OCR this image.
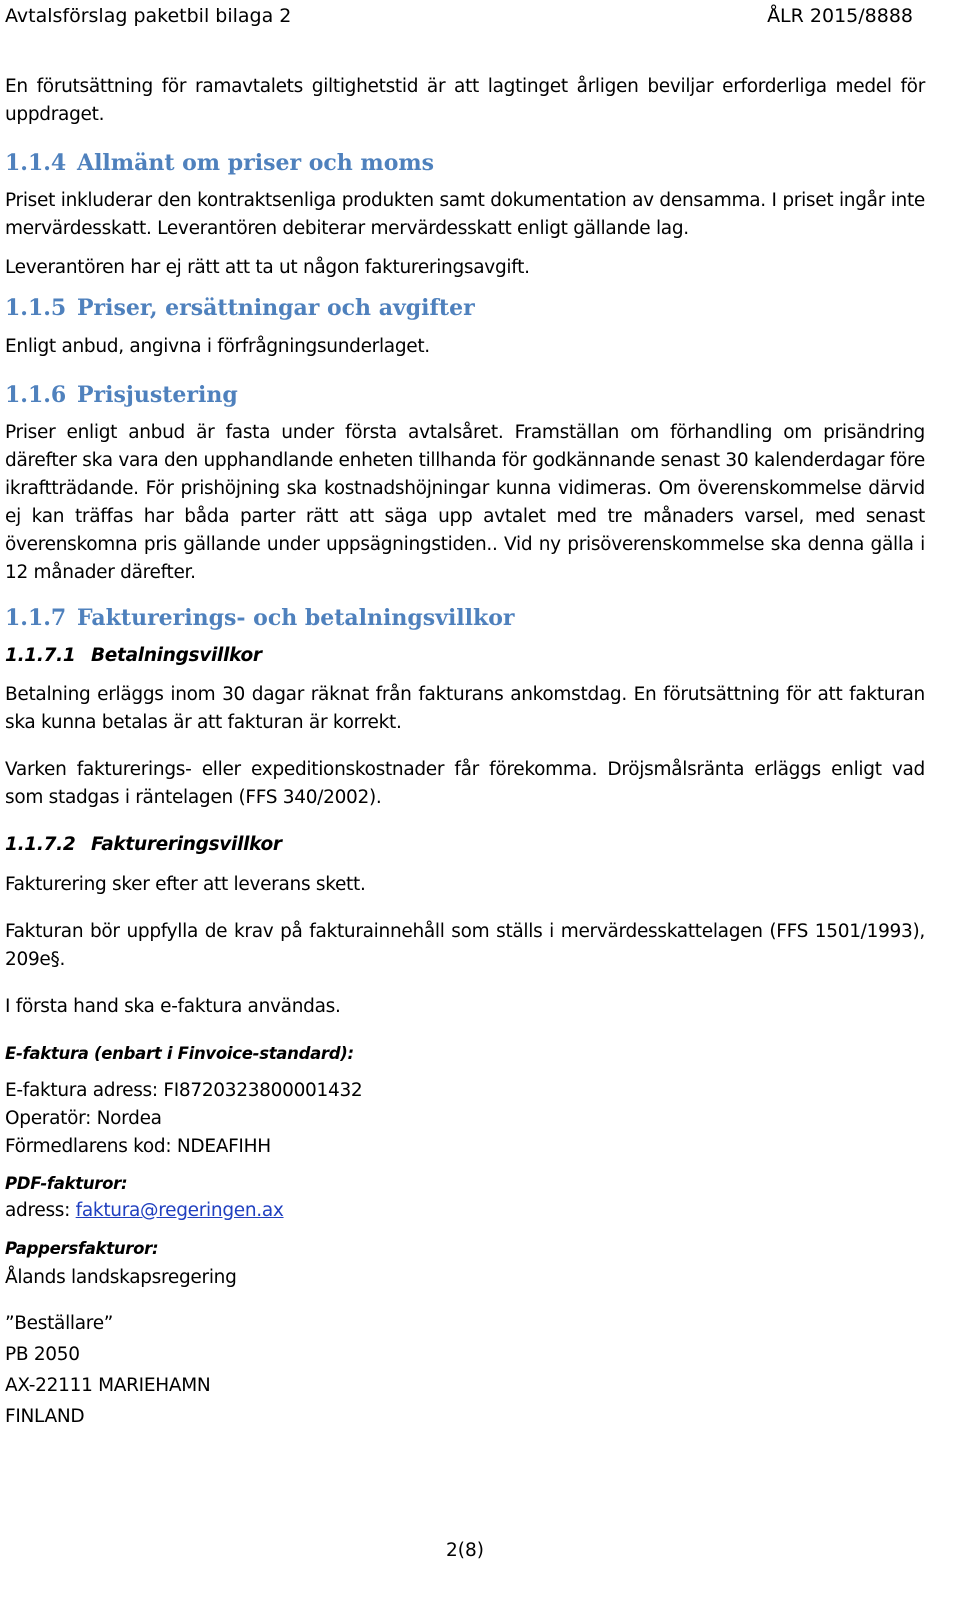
Avtalsförslag paketbil bilaga 2	ÅLR 2015/8888

En förutsättning för ramavtalets giltighetstid är att lagtinget årligen beviljar erforderliga medel för uppdraget.

1.1.4 Allmänt om priser och moms

Priset inkluderar den kontraktsenliga produkten samt dokumentation av densamma. I priset ingår inte mervärdesskatt. Leverantören debiterar mervärdesskatt enligt gällande lag.

Leverantören har ej rätt att ta ut någon faktureringsavgift.

1.1.5 Priser, ersättningar och avgifter

Enligt anbud, angivna i förfrågningsunderlaget.

1.1.6 Prisjustering

Priser enligt anbud är fasta under första avtalsåret. Framställan om förhandling om prisändring därefter ska vara den upphandlande enheten tillhanda för godkännande senast 30 kalenderdagar före ikraftträdande. För prishöjning ska kostnadshöjningar kunna vidimeras. Om överenskommelse därvid ej kan träffas har båda parter rätt att säga upp avtalet med tre månaders varsel, med senast överenskomna pris gällande under uppsägningstiden.. Vid ny prisöverenskommelse ska denna gälla i 12 månader därefter.

1.1.7 Fakturerings- och betalningsvillkor
1.1.7.1 Betalningsvillkor

Betalning erläggs inom 30 dagar räknat från fakturans ankomstdag. En förutsättning för att fakturan ska kunna betalas är att fakturan är korrekt.

Varken fakturerings- eller expeditionskostnader får förekomma. Dröjsmålsränta erläggs enligt vad som stadgas i räntelagen (FFS 340/2002).

1.1.7.2 Faktureringsvillkor

Fakturering sker efter att leverans skett.

Fakturan bör uppfylla de krav på fakturainnehåll som ställs i mervärdesskattelagen (FFS 1501/1993), 209e§.

I första hand ska e-faktura användas.

E-faktura (enbart i Finvoice-standard):
E-faktura adress: FI8720323800001432
Operatör: Nordea
Förmedlarens kod: NDEAFIHH
PDF-fakturor:
adress: faktura@regeringen.ax
Pappersfakturor:
Ålands landskapsregering
”Beställare”
PB 2050
AX-22111 MARIEHAMN
FINLAND
2(8)
